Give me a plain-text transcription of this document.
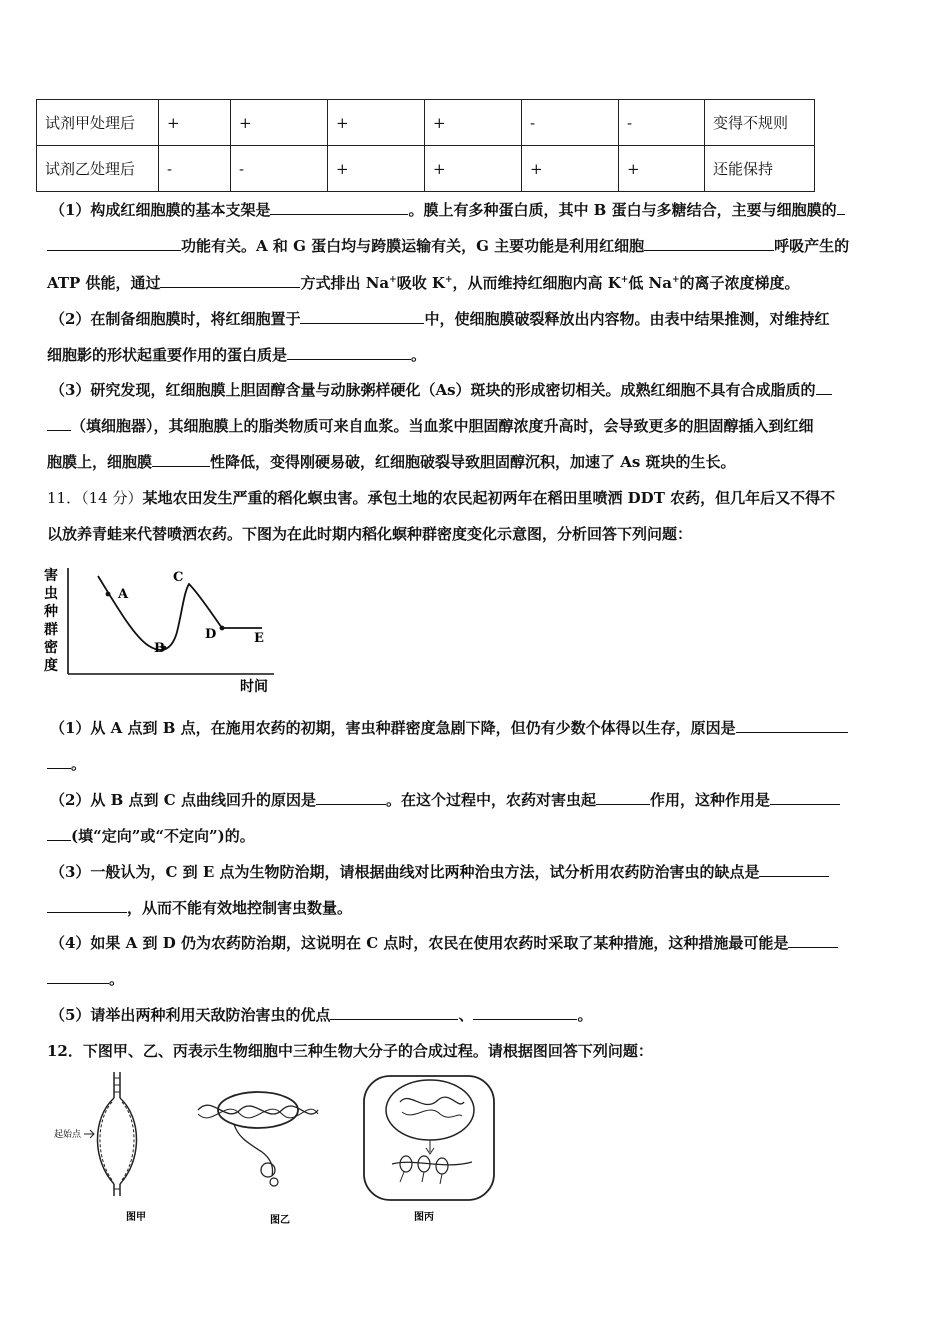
试剂甲处理后	+	+	+	+	-	-	变得不规则
试剂乙处理后	-	-	+	+	+	+	还能保持
（1）构成红细胞膜的基本支架是	。膜上有多种蛋白质，其中 B 蛋白与多糖结合，主要与细胞膜的
功能有关。A 和 G 蛋白均与跨膜运输有关，G 主要功能是利用红细胞	呼吸产生的
ATP 供能，通过	方式排出 Na+吸收 K+，从而维持红细胞内高 K+低 Na+的离子浓度梯度。
（2）在制备细胞膜时，将红细胞置于	中，使细胞膜破裂释放出内容物。由表中结果推测，对维持红
细胞影的形状起重要作用的蛋白质是	。
（3）研究发现，红细胞膜上胆固醇含量与动脉粥样硬化（As）斑块的形成密切相关。成熟红细胞不具有合成脂质的
（填细胞器），其细胞膜上的脂类物质可来自血浆。当血浆中胆固醇浓度升高时，会导致更多的胆固醇插入到红细
胞膜上，细胞膜	性降低，变得刚硬易破，红细胞破裂导致胆固醇沉积，加速了 As 斑块的生长。
11．（14 分）某地农田发生严重的稻化螟虫害。承包土地的农民起初两年在稻田里喷洒 DDT 农药，但几年后又不得不
以放养青蛙来代替喷洒农药。下图为在此时期内稻化螟种群密度变化示意图，分析回答下列问题：
害
虫
种
群
密
度
A
B
C
D	E
时间
（1）从 A 点到 B 点，在施用农药的初期，害虫种群密度急剧下降，但仍有少数个体得以生存，原因是
。
（2）从 B 点到 C 点曲线回升的原因是	。在这个过程中，农药对害虫起	作用，这种作用是
(填“定向”或“不定向”)的。
（3）一般认为，C 到 E 点为生物防治期，请根据曲线对比两种治虫方法，试分析用农药防治害虫的缺点是
，从而不能有效地控制害虫数量。
（4）如果 A 到 D 仍为农药防治期，这说明在 C 点时，农民在使用农药时采取了某种措施，这种措施最可能是
。
（5）请举出两种利用天敌防治害虫的优点	、	。
12．下图甲、乙、丙表示生物细胞中三种生物大分子的合成过程。请根据图回答下列问题：
起始点
图甲	图乙	图丙
